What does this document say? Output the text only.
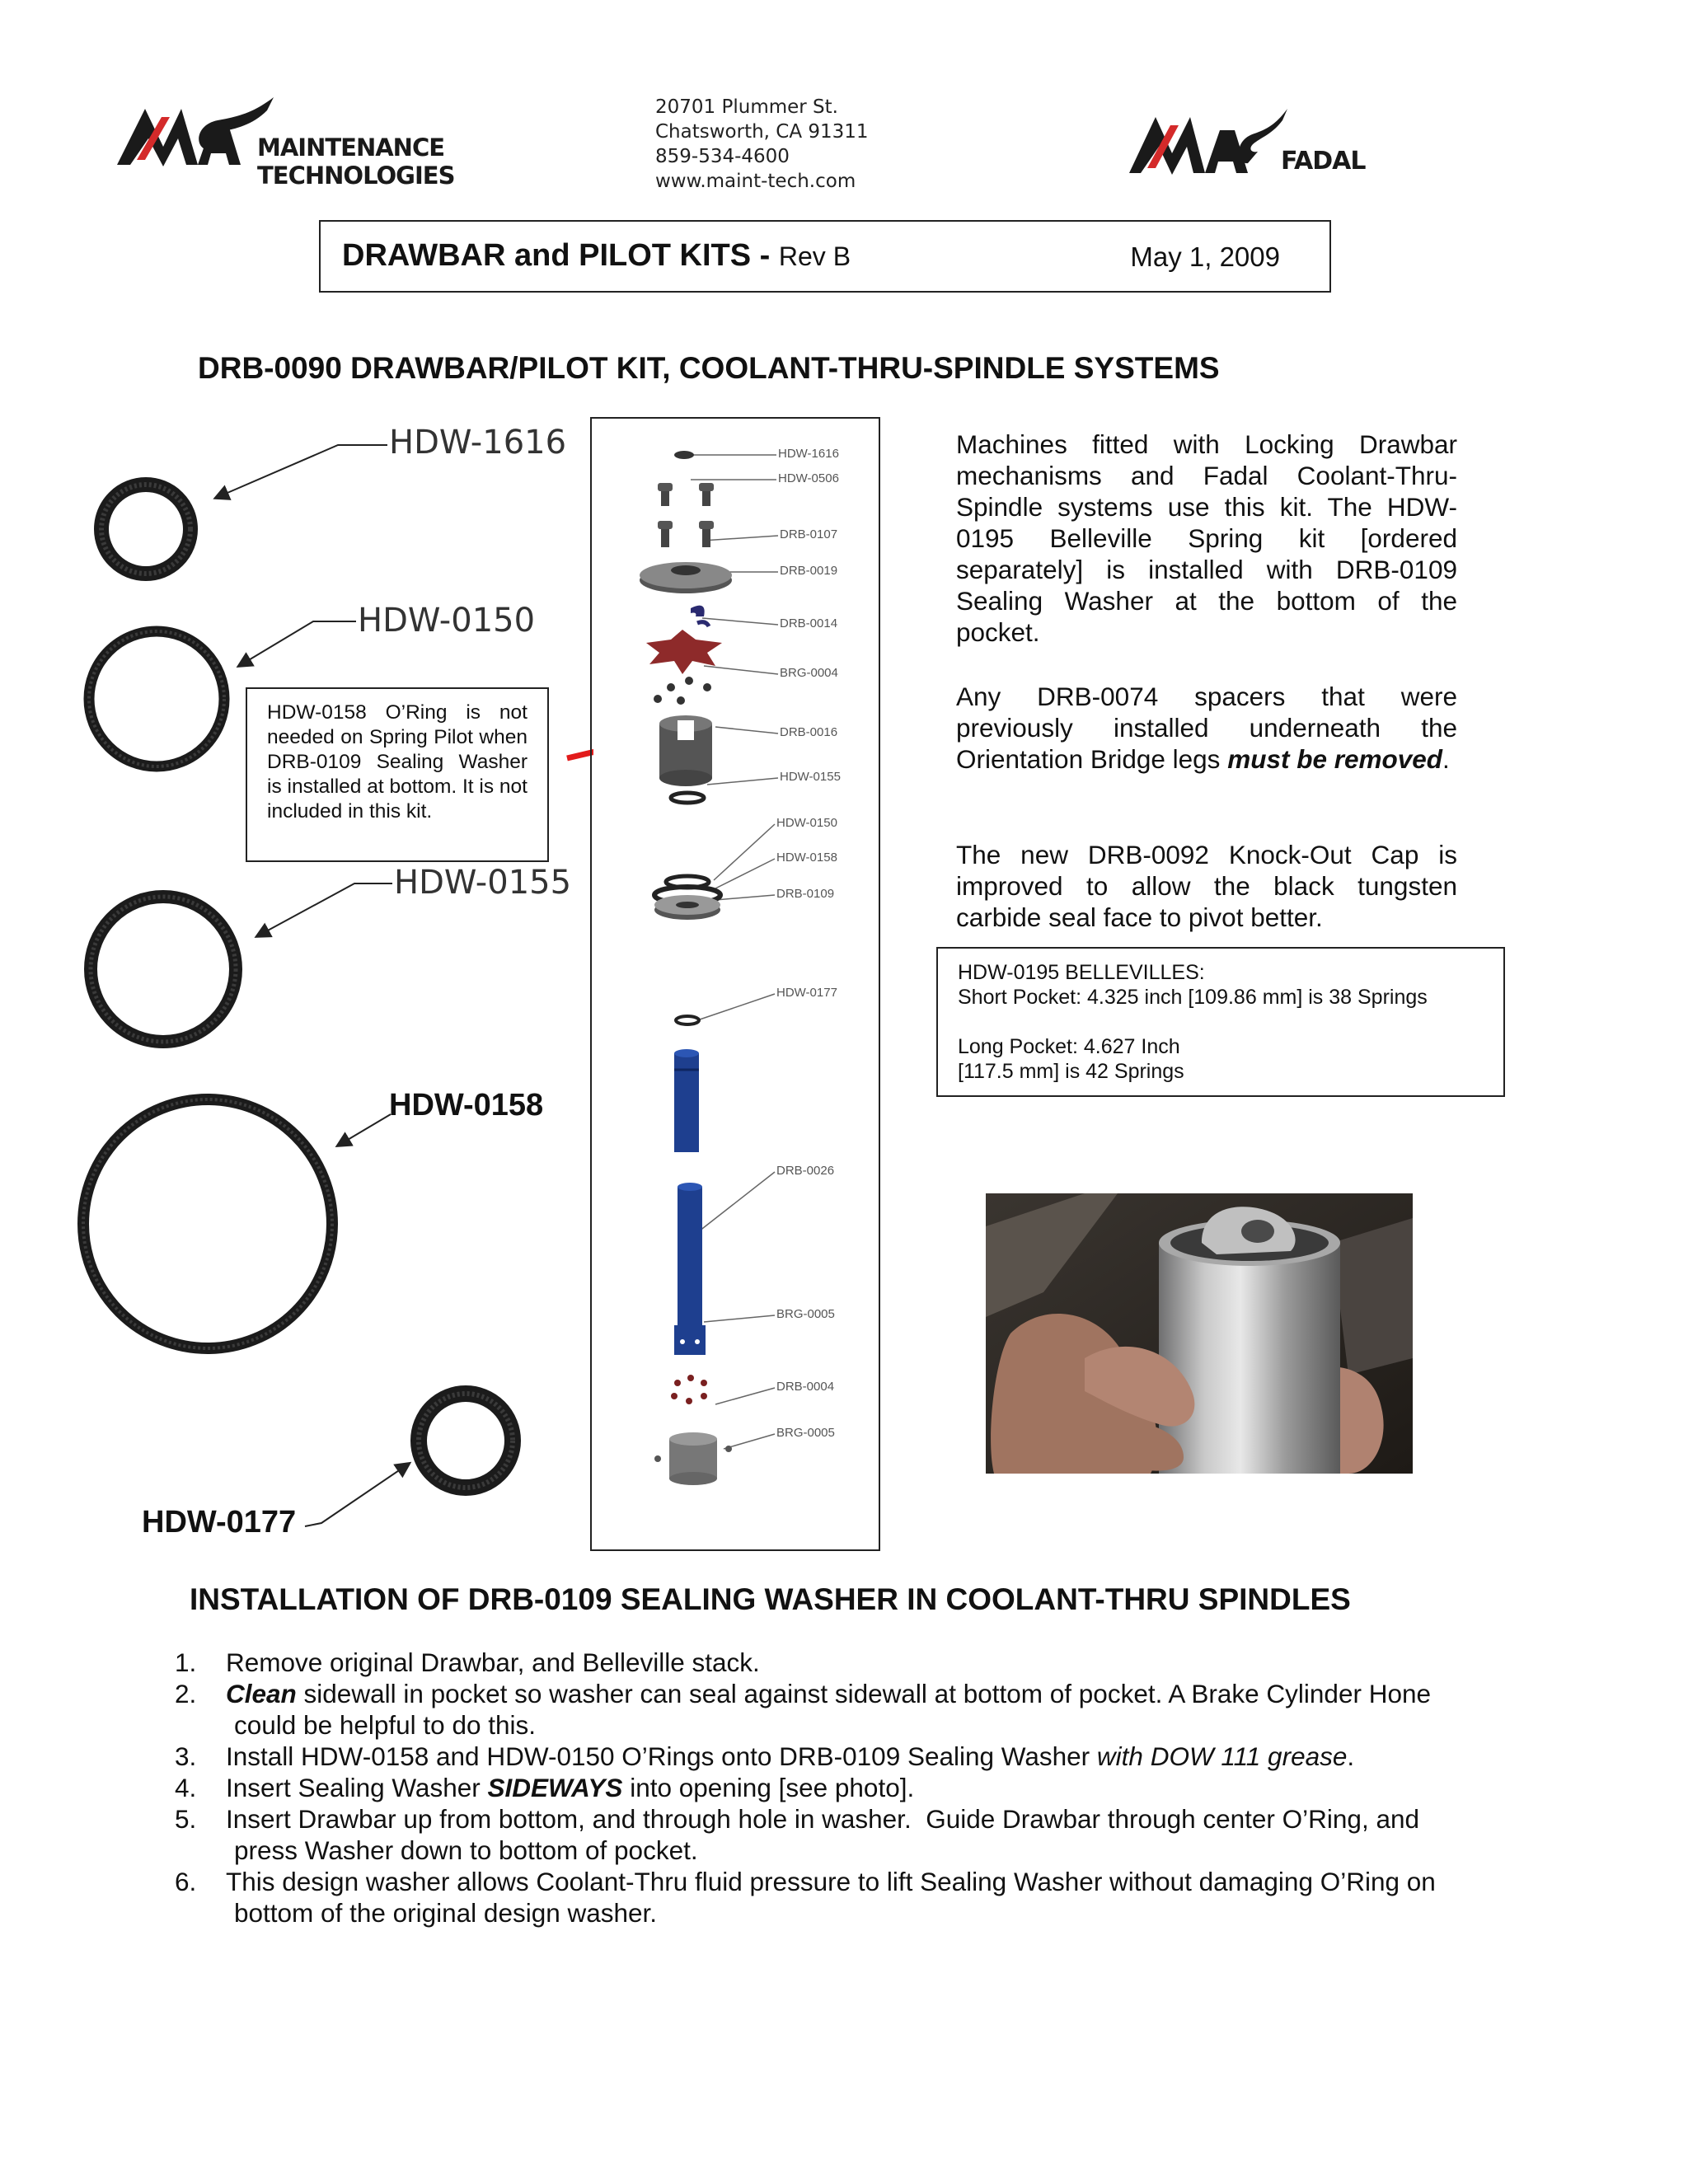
MAINTENANCE TECHNOLOGIES
20701 Plummer St.
Chatsworth, CA 91311
859-534-4600
www.maint-tech.com
FADAL
DRAWBAR and PILOT KITS - Rev B	May 1, 2009
DRB-0090 DRAWBAR/PILOT KIT, COOLANT-THRU-SPINDLE SYSTEMS
HDW-1616
HDW-0150
HDW-0155
HDW-0158
HDW-0177
HDW-0158 O’Ring is not needed on Spring Pilot when DRB-0109 Sealing Washer is installed at bottom. It is not included in this kit.
HDW-1616
HDW-0506
DRB-0107
DRB-0019
DRB-0014
BRG-0004
DRB-0016
HDW-0155
HDW-0150
HDW-0158
DRB-0109
HDW-0177
DRB-0026
BRG-0005
DRB-0004
BRG-0005
Machines fitted with Locking Drawbar mechanisms and Fadal Coolant-Thru-Spindle systems use this kit. The HDW-0195 Belleville Spring kit [ordered separately] is installed with DRB-0109 Sealing Washer at the bottom of the pocket.
Any DRB-0074 spacers that were previously installed underneath the Orientation Bridge legs must be removed.
The new DRB-0092 Knock-Out Cap is improved to allow the black tungsten carbide seal face to pivot better.
HDW-0195 BELLEVILLES:
Short Pocket: 4.325 inch [109.86 mm] is 38 Springs
Long Pocket: 4.627 Inch
[117.5 mm] is 42 Springs
INSTALLATION OF DRB-0109 SEALING WASHER IN COOLANT-THRU SPINDLES
1. Remove original Drawbar, and Belleville stack.
2. Clean sidewall in pocket so washer can seal against sidewall at bottom of pocket. A Brake Cylinder Hone
could be helpful to do this.
3. Install HDW-0158 and HDW-0150 O’Rings onto DRB-0109 Sealing Washer with DOW 111 grease.
4. Insert Sealing Washer SIDEWAYS into opening [see photo].
5. Insert Drawbar up from bottom, and through hole in washer.  Guide Drawbar through center O’Ring, and
press Washer down to bottom of pocket.
6. This design washer allows Coolant-Thru fluid pressure to lift Sealing Washer without damaging O’Ring on
bottom of the original design washer.
